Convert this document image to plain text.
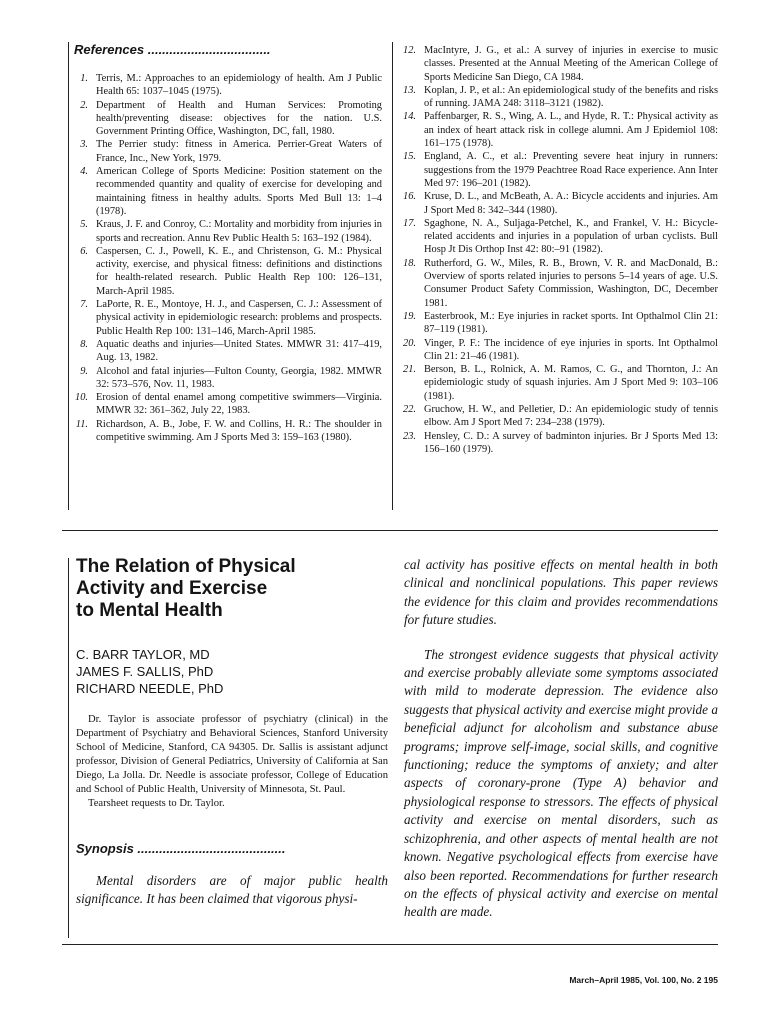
References ..................................
1. Terris, M.: Approaches to an epidemiology of health. Am J Public Health 65: 1037–1045 (1975).
2. Department of Health and Human Services: Promoting health/preventing disease: objectives for the nation. U.S. Government Printing Office, Washington, DC, fall, 1980.
3. The Perrier study: fitness in America. Perrier-Great Waters of France, Inc., New York, 1979.
4. American College of Sports Medicine: Position statement on the recommended quantity and quality of exercise for developing and maintaining fitness in healthy adults. Sports Med Bull 13: 1–4 (1978).
5. Kraus, J. F. and Conroy, C.: Mortality and morbidity from injuries in sports and recreation. Annu Rev Public Health 5: 163–192 (1984).
6. Caspersen, C. J., Powell, K. E., and Christenson, G. M.: Physical activity, exercise, and physical fitness: definitions and distinctions for health-related research. Public Health Rep 100: 126–131, March-April 1985.
7. LaPorte, R. E., Montoye, H. J., and Caspersen, C. J.: Assessment of physical activity in epidemiologic research: problems and prospects. Public Health Rep 100: 131–146, March-April 1985.
8. Aquatic deaths and injuries—United States. MMWR 31: 417–419, Aug. 13, 1982.
9. Alcohol and fatal injuries—Fulton County, Georgia, 1982. MMWR 32: 573–576, Nov. 11, 1983.
10. Erosion of dental enamel among competitive swimmers—Virginia. MMWR 32: 361–362, July 22, 1983.
11. Richardson, A. B., Jobe, F. W. and Collins, H. R.: The shoulder in competitive swimming. Am J Sports Med 3: 159–163 (1980).
12. MacIntyre, J. G., et al.: A survey of injuries in exercise to music classes. Presented at the Annual Meeting of the American College of Sports Medicine San Diego, CA 1984.
13. Koplan, J. P., et al.: An epidemiological study of the benefits and risks of running. JAMA 248: 3118–3121 (1982).
14. Paffenbarger, R. S., Wing, A. L., and Hyde, R. T.: Physical activity as an index of heart attack risk in college alumni. Am J Epidemiol 108: 161–175 (1978).
15. England, A. C., et al.: Preventing severe heat injury in runners: suggestions from the 1979 Peachtree Road Race experience. Ann Inter Med 97: 196–201 (1982).
16. Kruse, D. L., and McBeath, A. A.: Bicycle accidents and injuries. Am J Sport Med 8: 342–344 (1980).
17. Sgaghone, N. A., Suljaga-Petchel, K., and Frankel, V. H.: Bicycle-related accidents and injuries in a population of urban cyclists. Bull Hosp Jt Dis Orthop Inst 42: 80:–91 (1982).
18. Rutherford, G. W., Miles, R. B., Brown, V. R. and MacDonald, B.: Overview of sports related injuries to persons 5–14 years of age. U.S. Consumer Product Safety Commission, Washington, DC, December 1981.
19. Easterbrook, M.: Eye injuries in racket sports. Int Opthalmol Clin 21: 87–119 (1981).
20. Vinger, P. F.: The incidence of eye injuries in sports. Int Opthalmol Clin 21: 21–46 (1981).
21. Berson, B. L., Rolnick, A. M. Ramos, C. G., and Thornton, J.: An epidemiologic study of squash injuries. Am J Sport Med 9: 103–106 (1981).
22. Gruchow, H. W., and Pelletier, D.: An epidemiologic study of tennis elbow. Am J Sport Med 7: 234–238 (1979).
23. Hensley, C. D.: A survey of badminton injuries. Br J Sports Med 13: 156–160 (1979).
The Relation of Physical
Activity and Exercise
to Mental Health
C. BARR TAYLOR, MD
JAMES F. SALLIS, PhD
RICHARD NEEDLE, PhD

Dr. Taylor is associate professor of psychiatry (clinical) in the Department of Psychiatry and Behavioral Sciences, Stanford University School of Medicine, Stanford, CA 94305. Dr. Sallis is assistant adjunct professor, Division of General Pediatrics, University of California at San Diego, La Jolla. Dr. Needle is associate professor, College of Education and School of Public Health, University of Minnesota, St. Paul.

Tearsheet requests to Dr. Taylor.

Synopsis .........................................

Mental disorders are of major public health significance. It has been claimed that vigorous physi-

cal activity has positive effects on mental health in both clinical and nonclinical populations. This paper reviews the evidence for this claim and provides recommendations for future studies.

The strongest evidence suggests that physical activity and exercise probably alleviate some symptoms associated with mild to moderate depression. The evidence also suggests that physical activity and exercise might provide a beneficial adjunct for alcoholism and substance abuse programs; improve self-image, social skills, and cognitive functioning; reduce the symptoms of anxiety; and alter aspects of coronary-prone (Type A) behavior and physiological response to stressors. The effects of physical activity and exercise on mental disorders, such as schizophrenia, and other aspects of mental health are not known. Negative psychological effects from exercise have also been reported. Recommendations for further research on the effects of physical activity and exercise on mental health are made.

March–April 1985, Vol. 100, No. 2 195
